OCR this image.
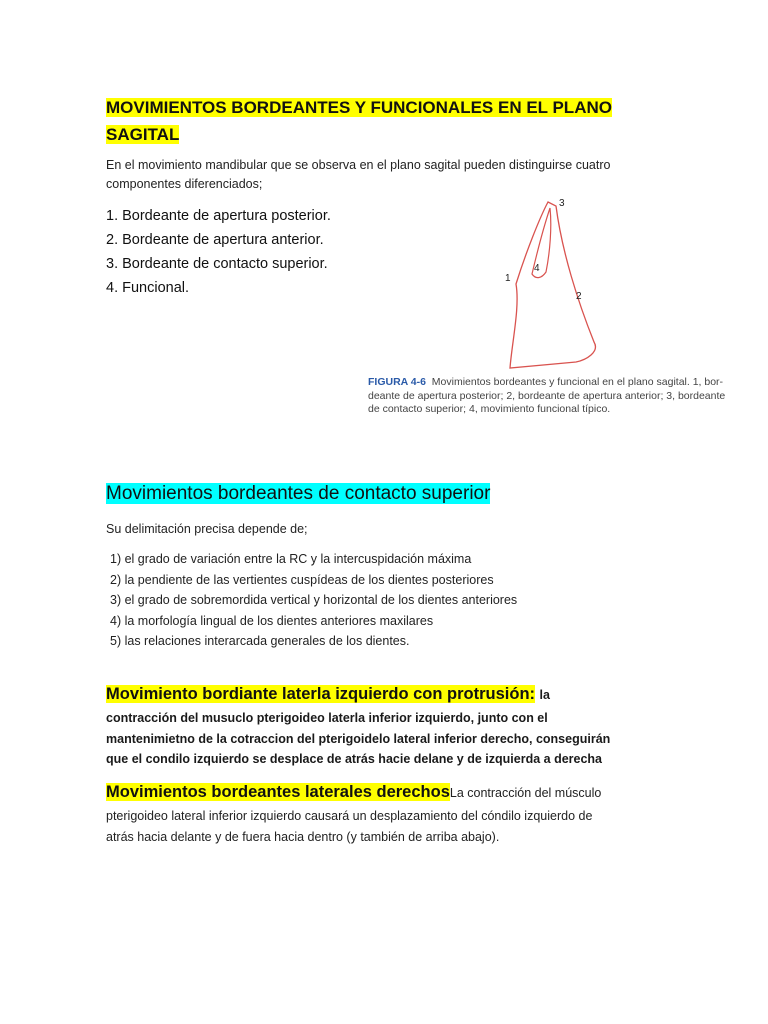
MOVIMIENTOS BORDEANTES Y FUNCIONALES EN EL PLANO
SAGITAL
En el movimiento mandibular que se observa en el plano sagital pueden distinguirse cuatro
componentes diferenciados;
1. Bordeante de apertura posterior.
2. Bordeante de apertura anterior.
3. Bordeante de contacto superior.
4. Funcional.
3
4
1
2
FIGURA 4-6 Movimientos bordeantes y funcional en el plano sagital. 1, bor-
deante de apertura posterior; 2, bordeante de apertura anterior; 3, bordeante
de contacto superior; 4, movimiento funcional típico.
Movimientos bordeantes de contacto superior
Su delimitación precisa depende de;
1) el grado de variación entre la RC y la intercuspidación máxima
2) la pendiente de las vertientes cuspídeas de los dientes posteriores
3) el grado de sobremordida vertical y horizontal de los dientes anteriores
4) la morfología lingual de los dientes anteriores maxilares
5) las relaciones interarcada generales de los dientes.
Movimiento bordiante laterla izquierdo con protrusión: la
contracción del musuclo pterigoideo laterla inferior izquierdo, junto con el
mantenimietno de la cotraccion del pterigoidelo lateral inferior derecho, conseguirán
que el condilo izquierdo se desplace de atrás hacie delane y de izquierda a derecha
Movimientos bordeantes laterales derechosLa contracción del músculo
pterigoideo lateral inferior izquierdo causará un desplazamiento del cóndilo izquierdo de
atrás hacia delante y de fuera hacia dentro (y también de arriba abajo).
